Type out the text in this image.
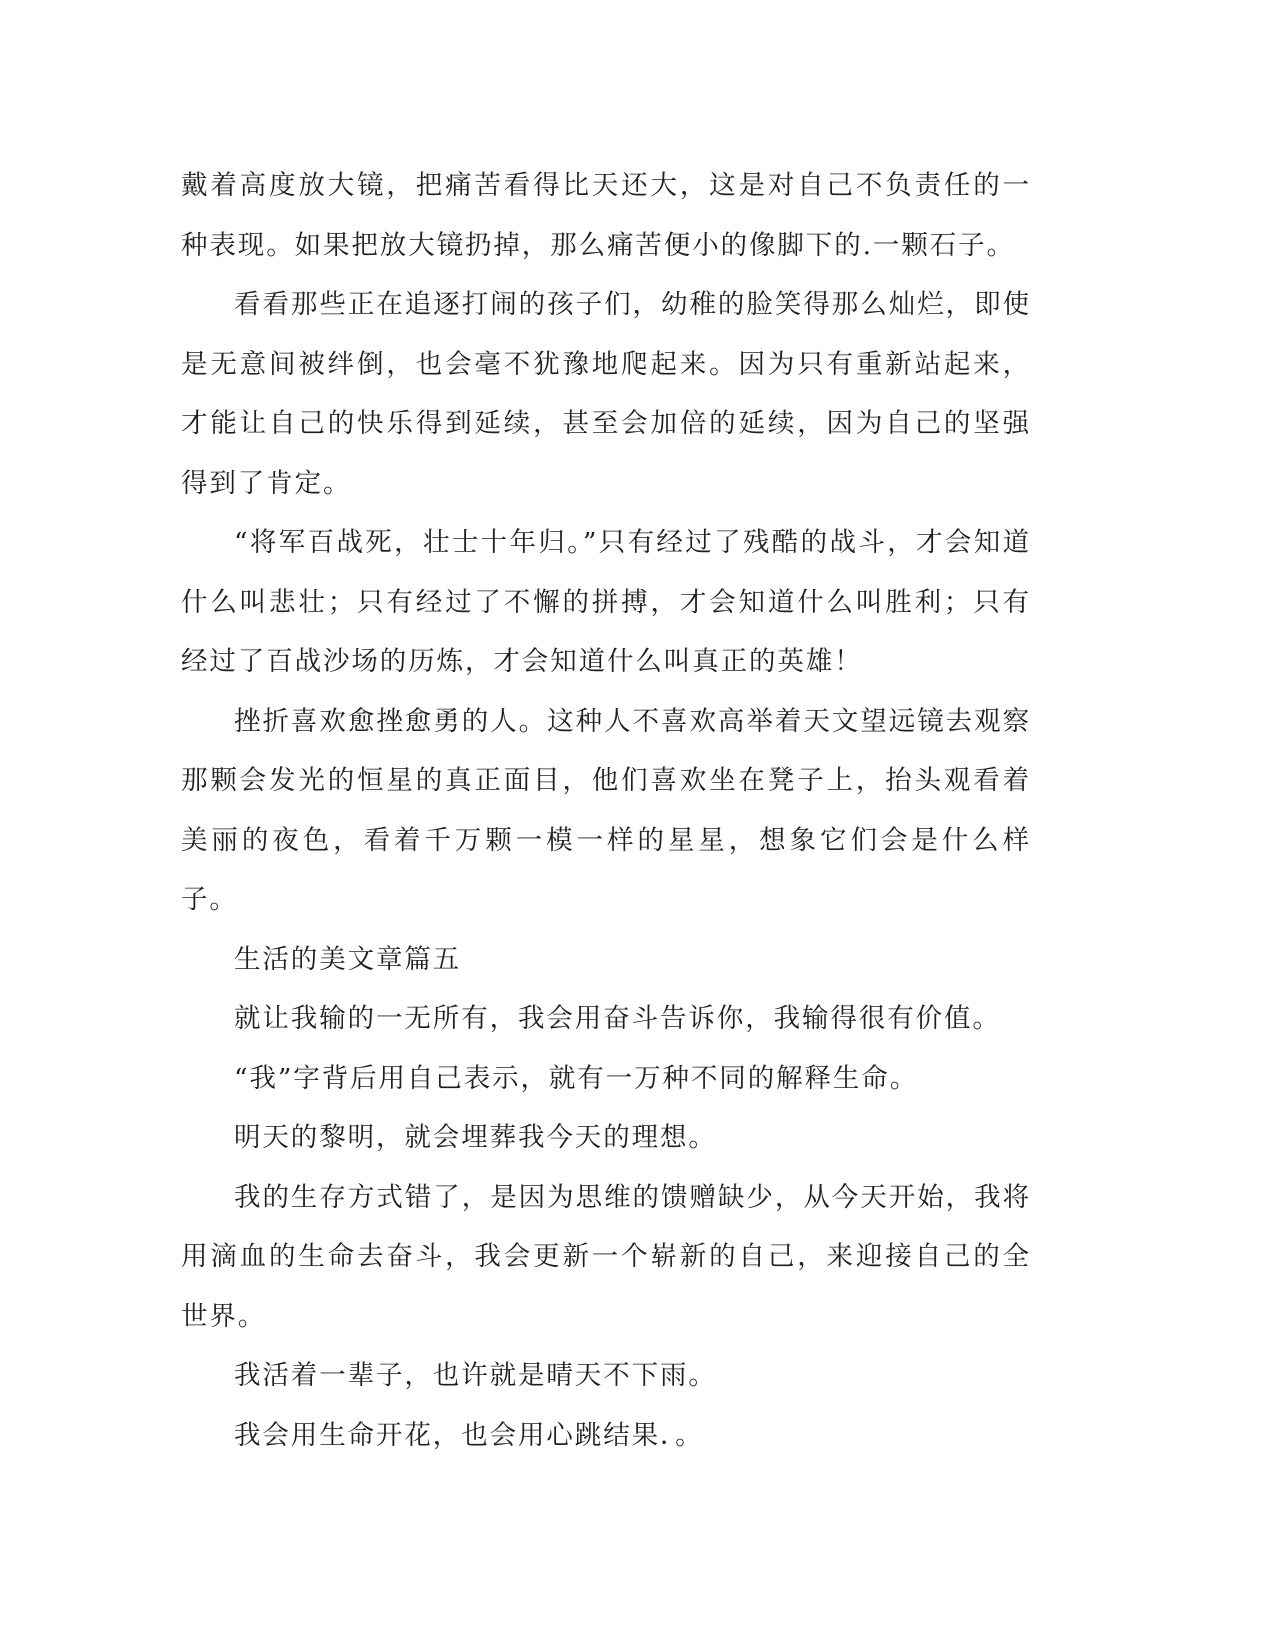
戴着高度放大镜，把痛苦看得比天还大，这是对自己不负责任的一种表现。如果把放大镜扔掉，那么痛苦便小的像脚下的.一颗石子。

看看那些正在追逐打闹的孩子们，幼稚的脸笑得那么灿烂，即使是无意间被绊倒，也会毫不犹豫地爬起来。因为只有重新站起来，才能让自己的快乐得到延续，甚至会加倍的延续，因为自己的坚强得到了肯定。

“将军百战死，壮士十年归。”只有经过了残酷的战斗，才会知道什么叫悲壮；只有经过了不懈的拼搏，才会知道什么叫胜利；只有经过了百战沙场的历炼，才会知道什么叫真正的英雄！

挫折喜欢愈挫愈勇的人。这种人不喜欢高举着天文望远镜去观察那颗会发光的恒星的真正面目，他们喜欢坐在凳子上，抬头观看着美丽的夜色，看着千万颗一模一样的星星，想象它们会是什么样子。

生活的美文章篇五

就让我输的一无所有，我会用奋斗告诉你，我输得很有价值。

“我”字背后用自己表示，就有一万种不同的解释生命。

明天的黎明，就会埋葬我今天的理想。

我的生存方式错了，是因为思维的馈赠缺少，从今天开始，我将用滴血的生命去奋斗，我会更新一个崭新的自己，来迎接自己的全世界。

我活着一辈子，也许就是晴天不下雨。

我会用生命开花，也会用心跳结果．。
